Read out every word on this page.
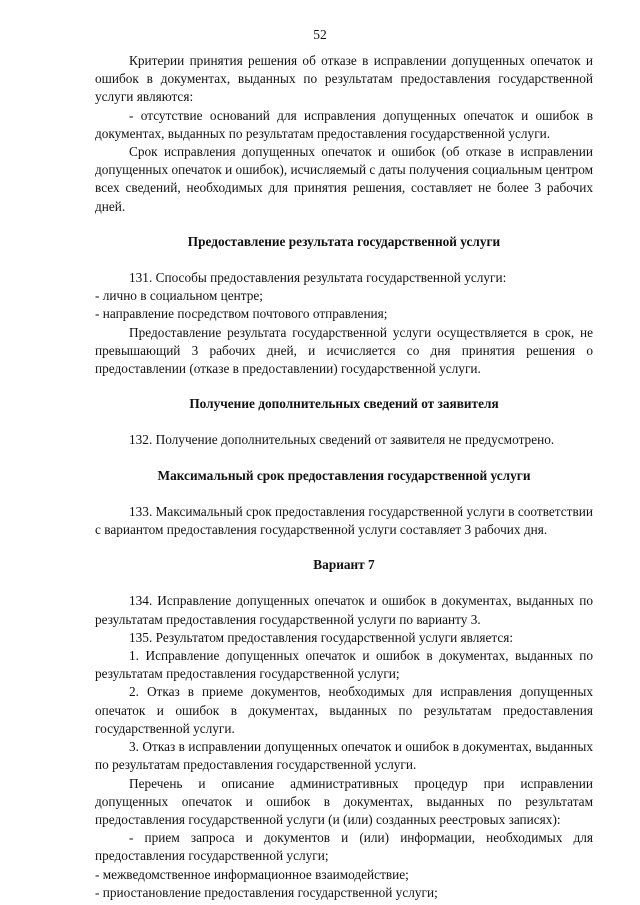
52

Критерии принятия решения об отказе в исправлении допущенных опечаток и ошибок в документах, выданных по результатам предоставления государственной услуги являются:

- отсутствие оснований для исправления допущенных опечаток и ошибок в документах, выданных по результатам предоставления государственной услуги.

Срок исправления допущенных опечаток и ошибок (об отказе в исправлении допущенных опечаток и ошибок), исчисляемый с даты получения социальным центром всех сведений, необходимых для принятия решения, составляет не более 3 рабочих дней.

Предоставление результата государственной услуги

131. Способы предоставления результата государственной услуги:

- лично в социальном центре;

- направление посредством почтового отправления;

Предоставление результата государственной услуги осуществляется в срок, не превышающий 3 рабочих дней, и исчисляется со дня принятия решения о предоставлении (отказе в предоставлении) государственной услуги.

Получение дополнительных сведений от заявителя

132. Получение дополнительных сведений от заявителя не предусмотрено.

Максимальный срок предоставления государственной услуги

133. Максимальный срок предоставления государственной услуги в соответствии с вариантом предоставления государственной услуги составляет 3 рабочих дня.

Вариант 7

134. Исправление допущенных опечаток и ошибок в документах, выданных по результатам предоставления государственной услуги по варианту 3.

135. Результатом предоставления государственной услуги является:

1. Исправление допущенных опечаток и ошибок в документах, выданных по результатам предоставления государственной услуги;

2. Отказ в приеме документов, необходимых для исправления допущенных опечаток и ошибок в документах, выданных по результатам предоставления государственной услуги.

3. Отказ в исправлении допущенных опечаток и ошибок в документах, выданных по результатам предоставления государственной услуги.

Перечень и описание административных процедур при исправлении допущенных опечаток и ошибок в документах, выданных по результатам предоставления государственной услуги (и (или) созданных реестровых записях):

- прием запроса и документов и (или) информации, необходимых для предоставления государственной услуги;

- межведомственное информационное взаимодействие;

- приостановление предоставления государственной услуги;
